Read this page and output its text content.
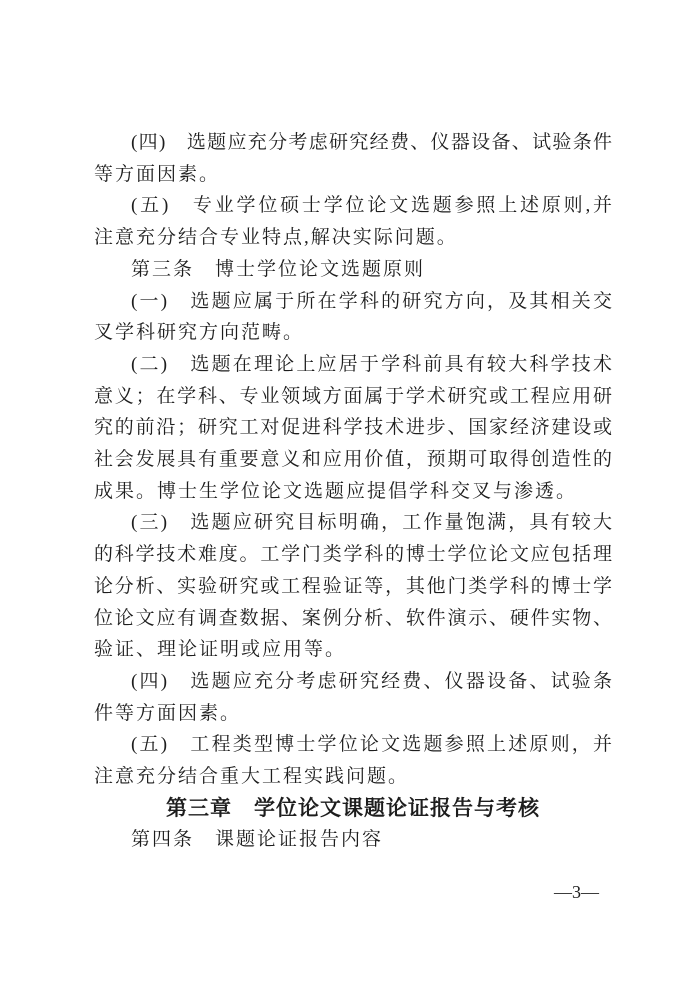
(四)　选题应充分考虑研究经费、仪器设备、试验条件
等方面因素。
(五)　专业学位硕士学位论文选题参照上述原则,并
注意充分结合专业特点,解决实际问题。
第三条　博士学位论文选题原则
(一)　选题应属于所在学科的研究方向，及其相关交
叉学科研究方向范畴。
(二)　选题在理论上应居于学科前具有较大科学技术
意义；在学科、专业领域方面属于学术研究或工程应用研
究的前沿；研究工对促进科学技术进步、国家经济建设或
社会发展具有重要意义和应用价值，预期可取得创造性的
成果。博士生学位论文选题应提倡学科交叉与渗透。
(三)　选题应研究目标明确，工作量饱满，具有较大
的科学技术难度。工学门类学科的博士学位论文应包括理
论分析、实验研究或工程验证等，其他门类学科的博士学
位论文应有调查数据、案例分析、软件演示、硬件实物、
验证、理论证明或应用等。
(四)　选题应充分考虑研究经费、仪器设备、试验条
件等方面因素。
(五)　工程类型博士学位论文选题参照上述原则，并
注意充分结合重大工程实践问题。
第三章　学位论文课题论证报告与考核
第四条　课题论证报告内容
—3—
